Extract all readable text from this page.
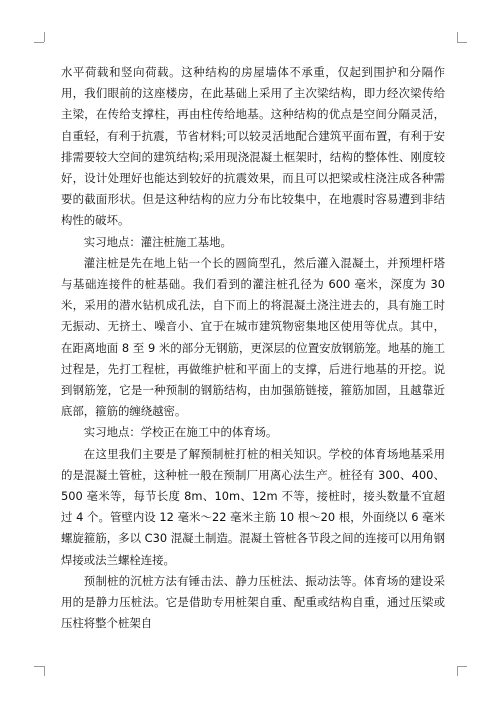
水平荷载和竖向荷载。这种结构的房屋墙体不承重，仅起到围护和分隔作用，我们眼前的这座楼房，在此基础上采用了主次梁结构，即力经次梁传给主梁，在传给支撑柱，再由柱传给地基。这种结构的优点是空间分隔灵活，自重轻，有利于抗震，节省材料;可以较灵活地配合建筑平面布置，有利于安排需要较大空间的建筑结构;采用现浇混凝土框架时，结构的整体性、刚度较好，设计处理好也能达到较好的抗震效果，而且可以把梁或柱浇注成各种需要的截面形状。但是这种结构的应力分布比较集中，在地震时容易遭到非结构性的破坏。

实习地点：灌注桩施工基地。

灌注桩是先在地上钻一个长的圆筒型孔，然后灌入混凝土，并预埋杆塔与基础连接件的桩基础。我们看到的灌注桩孔径为 600 毫米，深度为 30 米，采用的潜水钻机成孔法，自下而上的将混凝土浇注进去的，具有施工时无振动、无挤土、噪音小、宜于在城市建筑物密集地区使用等优点。其中，在距离地面 8 至 9 米的部分无钢筋，更深层的位置安放钢筋笼。地基的施工过程是，先打工程桩，再做维护桩和平面上的支撑，后进行地基的开挖。说到钢筋笼，它是一种预制的钢筋结构，由加强筋链接，箍筋加固，且越靠近底部，箍筋的缠绕越密。

实习地点：学校正在施工中的体育场。

在这里我们主要是了解预制桩打桩的相关知识。学校的体育场地基采用的是混凝土管桩，这种桩一般在预制厂用离心法生产。桩径有 300、400、500 毫米等，每节长度 8m、10m、12m 不等，接桩时，接头数量不宜超过 4 个。管壁内设 12 毫米～22 毫米主筋 10 根～20 根，外面绕以 6 毫米螺旋箍筋，多以 C30 混凝土制造。混凝土管桩各节段之间的连接可以用角钢焊接或法兰螺栓连接。

预制桩的沉桩方法有锤击法、静力压桩法、振动法等。体育场的建设采用的是静力压桩法。它是借助专用桩架自重、配重或结构自重，通过压梁或压柱将整个桩架自
